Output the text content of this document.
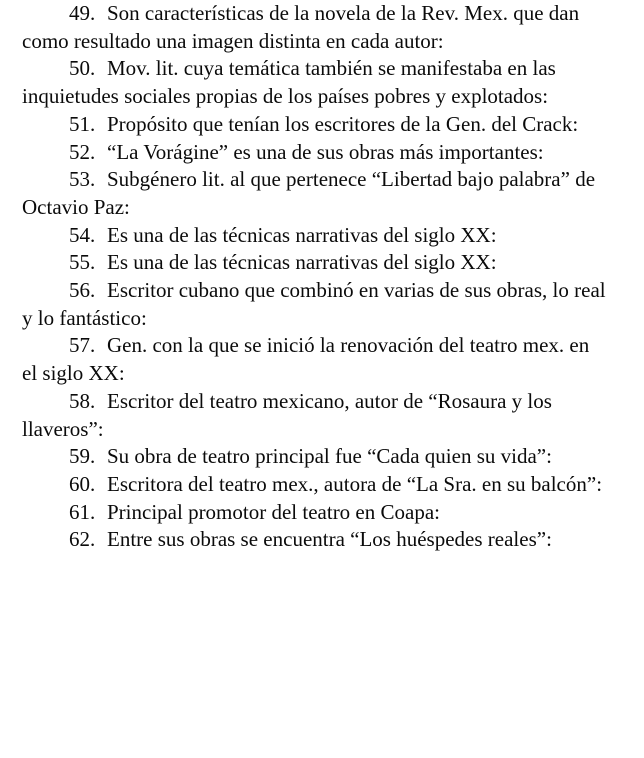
49. Son características de la novela de la Rev. Mex. que dan como resultado una imagen distinta en cada autor:

50. Mov. lit. cuya temática también se manifestaba en las inquietudes sociales propias de los países pobres y explotados:

51. Propósito que tenían los escritores de la Gen. del Crack:

52. “La Vorágine” es una de sus obras más importantes:

53. Subgénero lit. al que pertenece “Libertad bajo palabra” de Octavio Paz:

54. Es una de las técnicas narrativas del siglo XX:

55. Es una de las técnicas narrativas del siglo XX:

56. Escritor cubano que combinó en varias de sus obras, lo real y lo fantástico:

57. Gen. con la que se inició la renovación del teatro mex. en el siglo XX:

58. Escritor del teatro mexicano, autor de “Rosaura y los llaveros”:

59. Su obra de teatro principal fue “Cada quien su vida”:

60. Escritora del teatro mex., autora de “La Sra. en su balcón”:

61. Principal promotor del teatro en Coapa:

62. Entre sus obras se encuentra “Los huéspedes reales”:
